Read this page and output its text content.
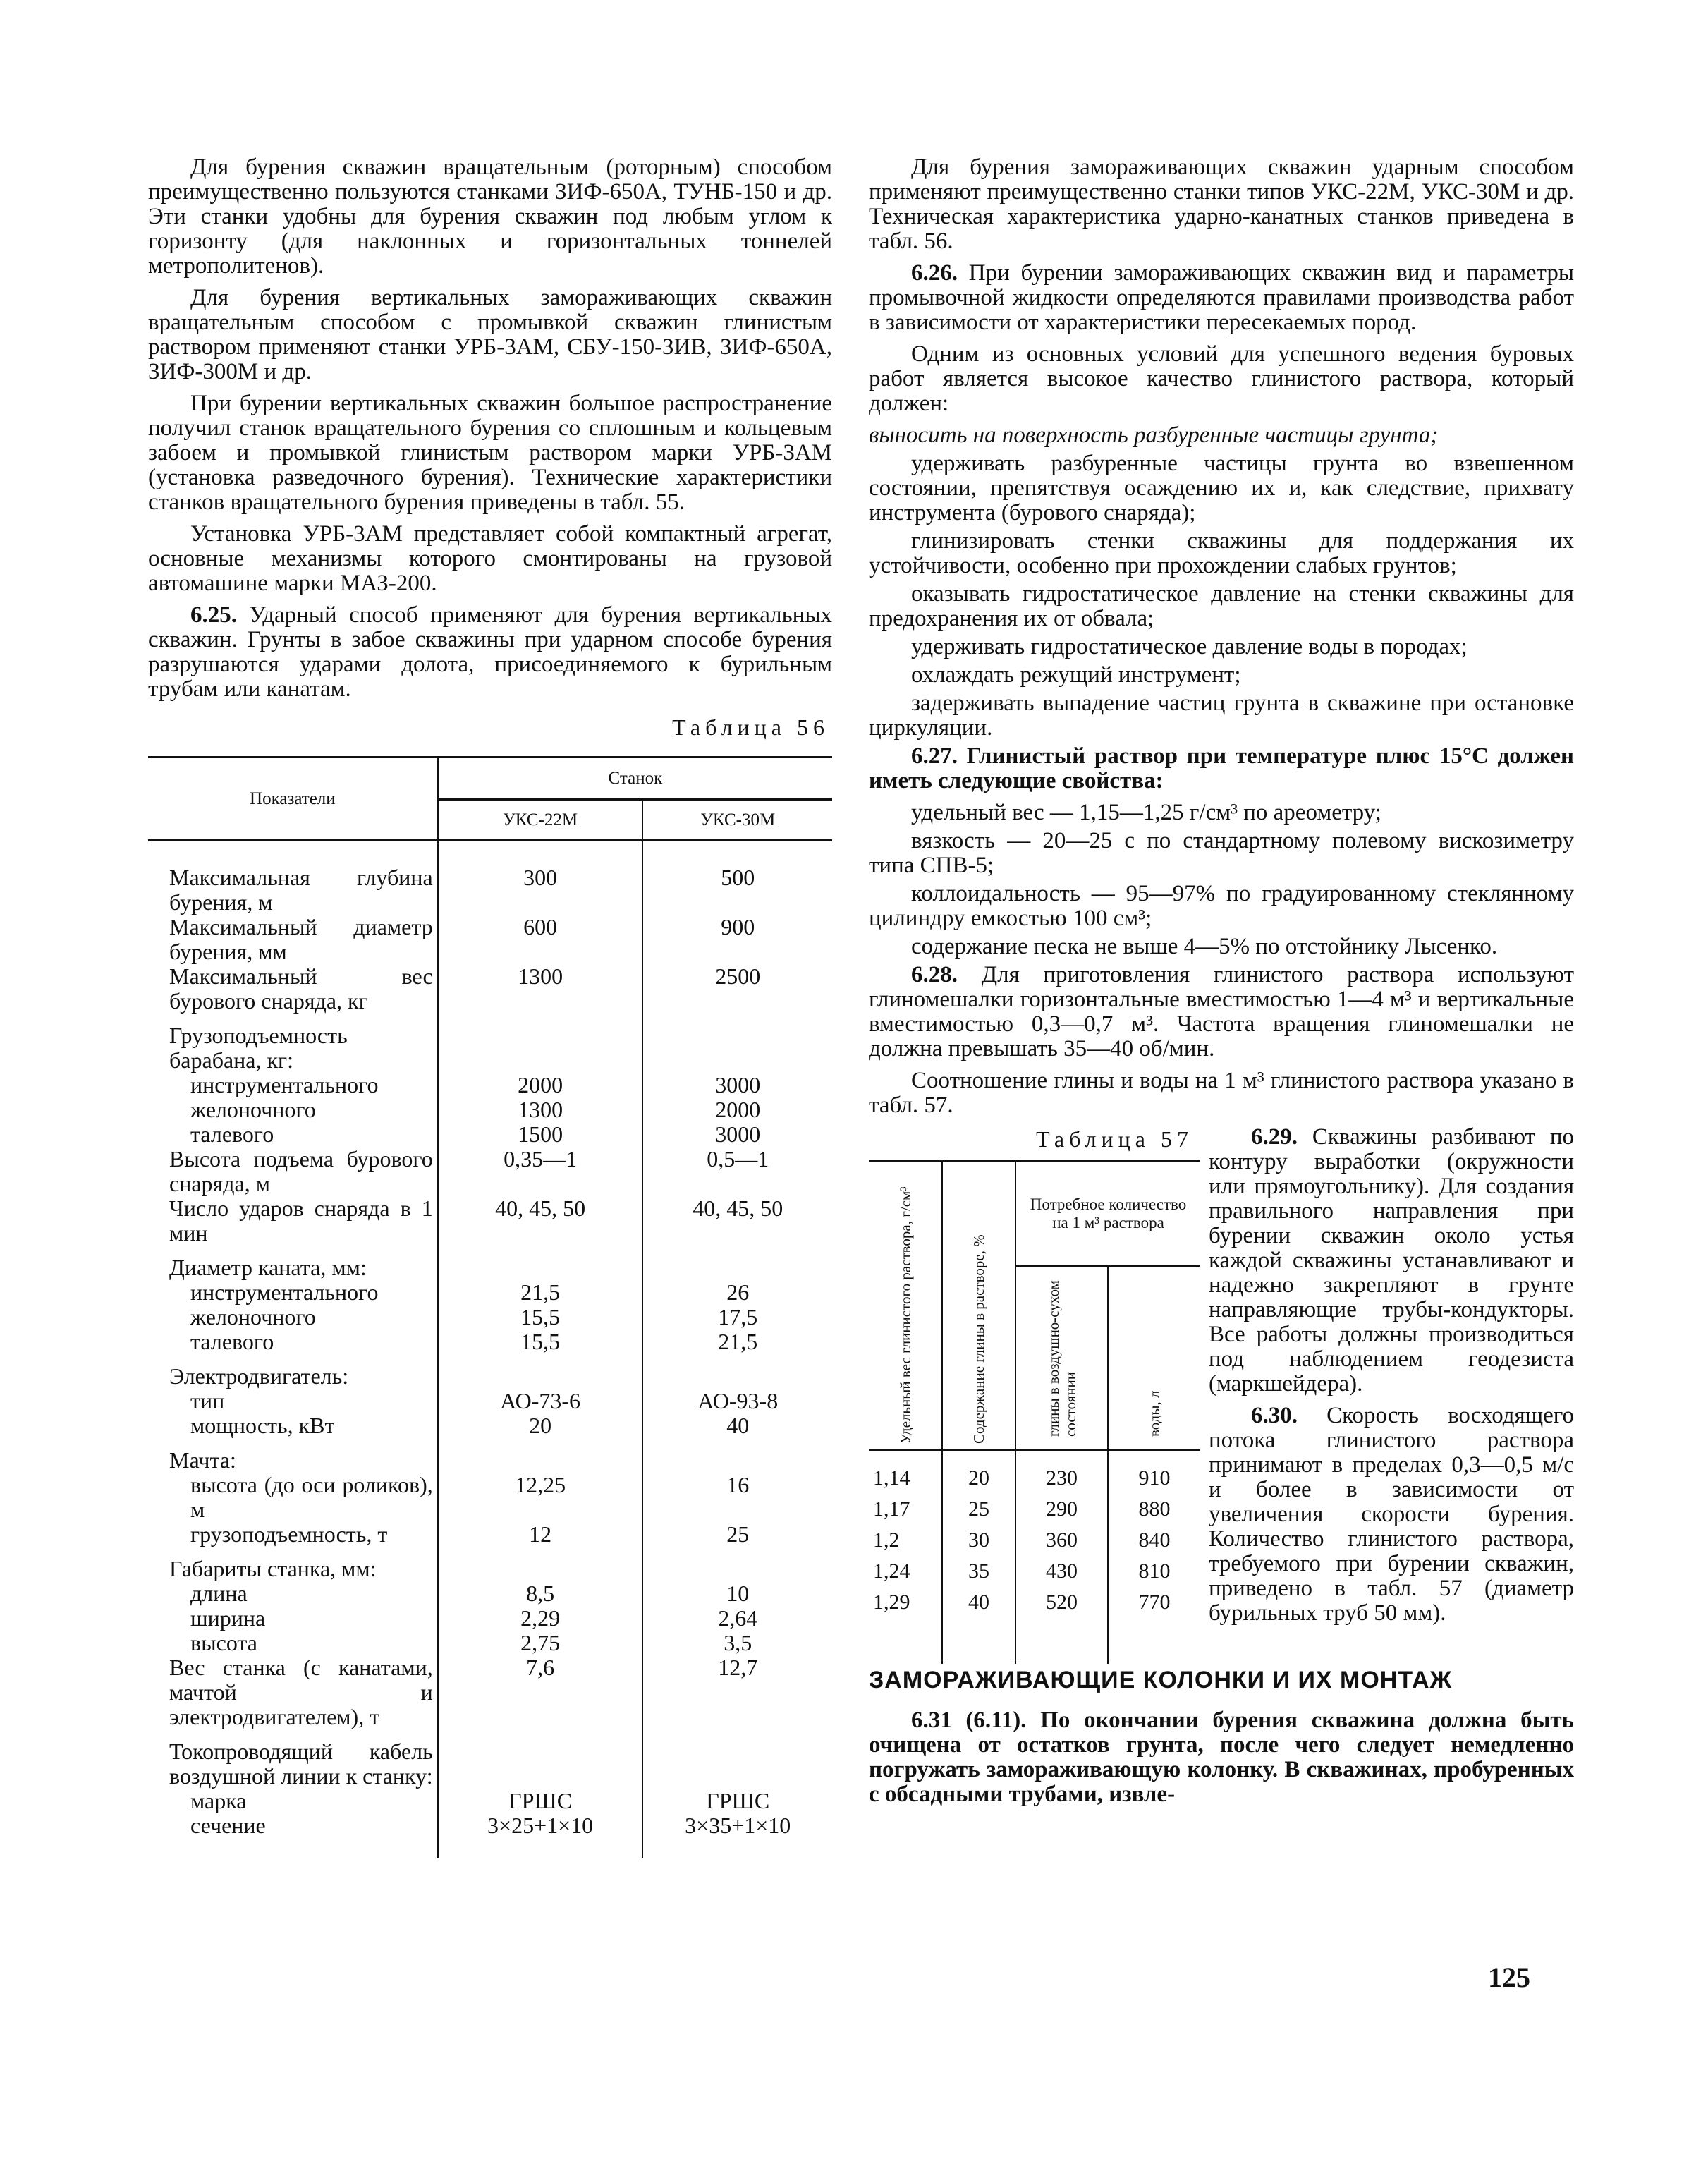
Для бурения скважин вращательным (роторным) способом преимущественно пользуются станками ЗИФ-650А, ТУНБ-150 и др. Эти станки удобны для бурения скважин под любым углом к горизонту (для наклонных и горизонтальных тоннелей метрополитенов).

Для бурения вертикальных замораживающих скважин вращательным способом с промывкой скважин глинистым раствором применяют станки УРБ-3АМ, СБУ-150-ЗИВ, ЗИФ-650А, ЗИФ-300М и др.

При бурении вертикальных скважин большое распространение получил станок вращательного бурения со сплошным и кольцевым забоем и промывкой глинистым раствором марки УРБ-3АМ (установка разведочного бурения). Технические характеристики станков вращательного бурения приведены в табл. 55.

Установка УРБ-3АМ представляет собой компактный агрегат, основные механизмы которого смонтированы на грузовой автомашине марки МАЗ-200.

6.25. Ударный способ применяют для бурения вертикальных скважин. Грунты в забое скважины при ударном способе бурения разрушаются ударами долота, присоединяемого к бурильным трубам или канатам.

Таблица 56
Показатели	Станок	
	УКС-22М	УКС-30М
Максимальная глубина бурения, м	300	500
Максимальный диаметр бурения, мм	600	900
Максимальный вес бурового снаряда, кг	1300	2500
Грузоподъемность барабана, кг:		
инструментального	2000	3000
желоночного	1300	2000
талевого	1500	3000
Высота подъема бурового снаряда, м	0,35—1	0,5—1
Число ударов снаряда в 1 мин	40, 45, 50	40, 45, 50
Диаметр каната, мм:		
инструментального	21,5	26
желоночного	15,5	17,5
талевого	15,5	21,5
Электродвигатель:		
тип	АО-73-6	АО-93-8
мощность, кВт	20	40
Мачта:		
высота (до оси роликов), м	12,25	16
грузоподъемность, т	12	25
Габариты станка, мм:		
длина	8,5	10
ширина	2,29	2,64
высота	2,75	3,5
Вес станка (с канатами, мачтой и электродвигателем), т	7,6	12,7
Токопроводящий кабель воздушной линии к станку:		
марка	ГРШС	ГРШС
сечение	3×25+1×10	3×35+1×10

Для бурения замораживающих скважин ударным способом применяют преимущественно станки типов УКС-22М, УКС-30М и др. Техническая характеристика ударно-канатных станков приведена в табл. 56.

6.26. При бурении замораживающих скважин вид и параметры промывочной жидкости определяются правилами производства работ в зависимости от характеристики пересекаемых пород.

Одним из основных условий для успешного ведения буровых работ является высокое качество глинистого раствора, который должен:

выносить на поверхность разбуренные частицы грунта;

удерживать разбуренные частицы грунта во взвешенном состоянии, препятствуя осаждению их и, как следствие, прихвату инструмента (бурового снаряда);

глинизировать стенки скважины для поддержания их устойчивости, особенно при прохождении слабых грунтов;

оказывать гидростатическое давление на стенки скважины для предохранения их от обвала;

удерживать гидростатическое давление воды в породах;

охлаждать режущий инструмент;

задерживать выпадение частиц грунта в скважине при остановке циркуляции.

6.27. Глинистый раствор при температуре плюс 15°С должен иметь следующие свойства:

удельный вес — 1,15—1,25 г/см³ по ареометру;

вязкость — 20—25 с по стандартному полевому вискозиметру типа СПВ-5;

коллоидальность — 95—97% по градуированному стеклянному цилиндру емкостью 100 см³;

содержание песка не выше 4—5% по отстойнику Лысенко.

6.28. Для приготовления глинистого раствора используют глиномешалки горизонтальные вместимостью 1—4 м³ и вертикальные вместимостью 0,3—0,7 м³. Частота вращения глиномешалки не должна превышать 35—40 об/мин.

Соотношение глины и воды на 1 м³ глинистого раствора указано в табл. 57.

Таблица 57
Удельный вес глинистого раствора, г/см³	Содержание глины в растворе, %	Потребное количество на 1 м³ раствора	
		глины в воздушно-сухом состоянии	воды, л
1,14	20	230	910
1,17	25	290	880
1,2	30	360	840
1,24	35	430	810
1,29	40	520	770

6.29. Скважины разбивают по контуру выработки (окружности или прямоугольнику). Для создания правильного направления при бурении скважин около устья каждой скважины устанавливают и надежно закрепляют в грунте направляющие трубы-кондукторы. Все работы должны производиться под наблюдением геодезиста (маркшейдера).

6.30. Скорость восходящего потока глинистого раствора принимают в пределах 0,3—0,5 м/с и более в зависимости от увеличения скорости бурения. Количество глинистого раствора, требуемого при бурении скважин, приведено в табл. 57 (диаметр бурильных труб 50 мм).

ЗАМОРАЖИВАЮЩИЕ КОЛОНКИ И ИХ МОНТАЖ

6.31 (6.11). По окончании бурения скважина должна быть очищена от остатков грунта, после чего следует немедленно погружать замораживающую колонку. В скважинах, пробуренных с обсадными трубами, извле-

125
